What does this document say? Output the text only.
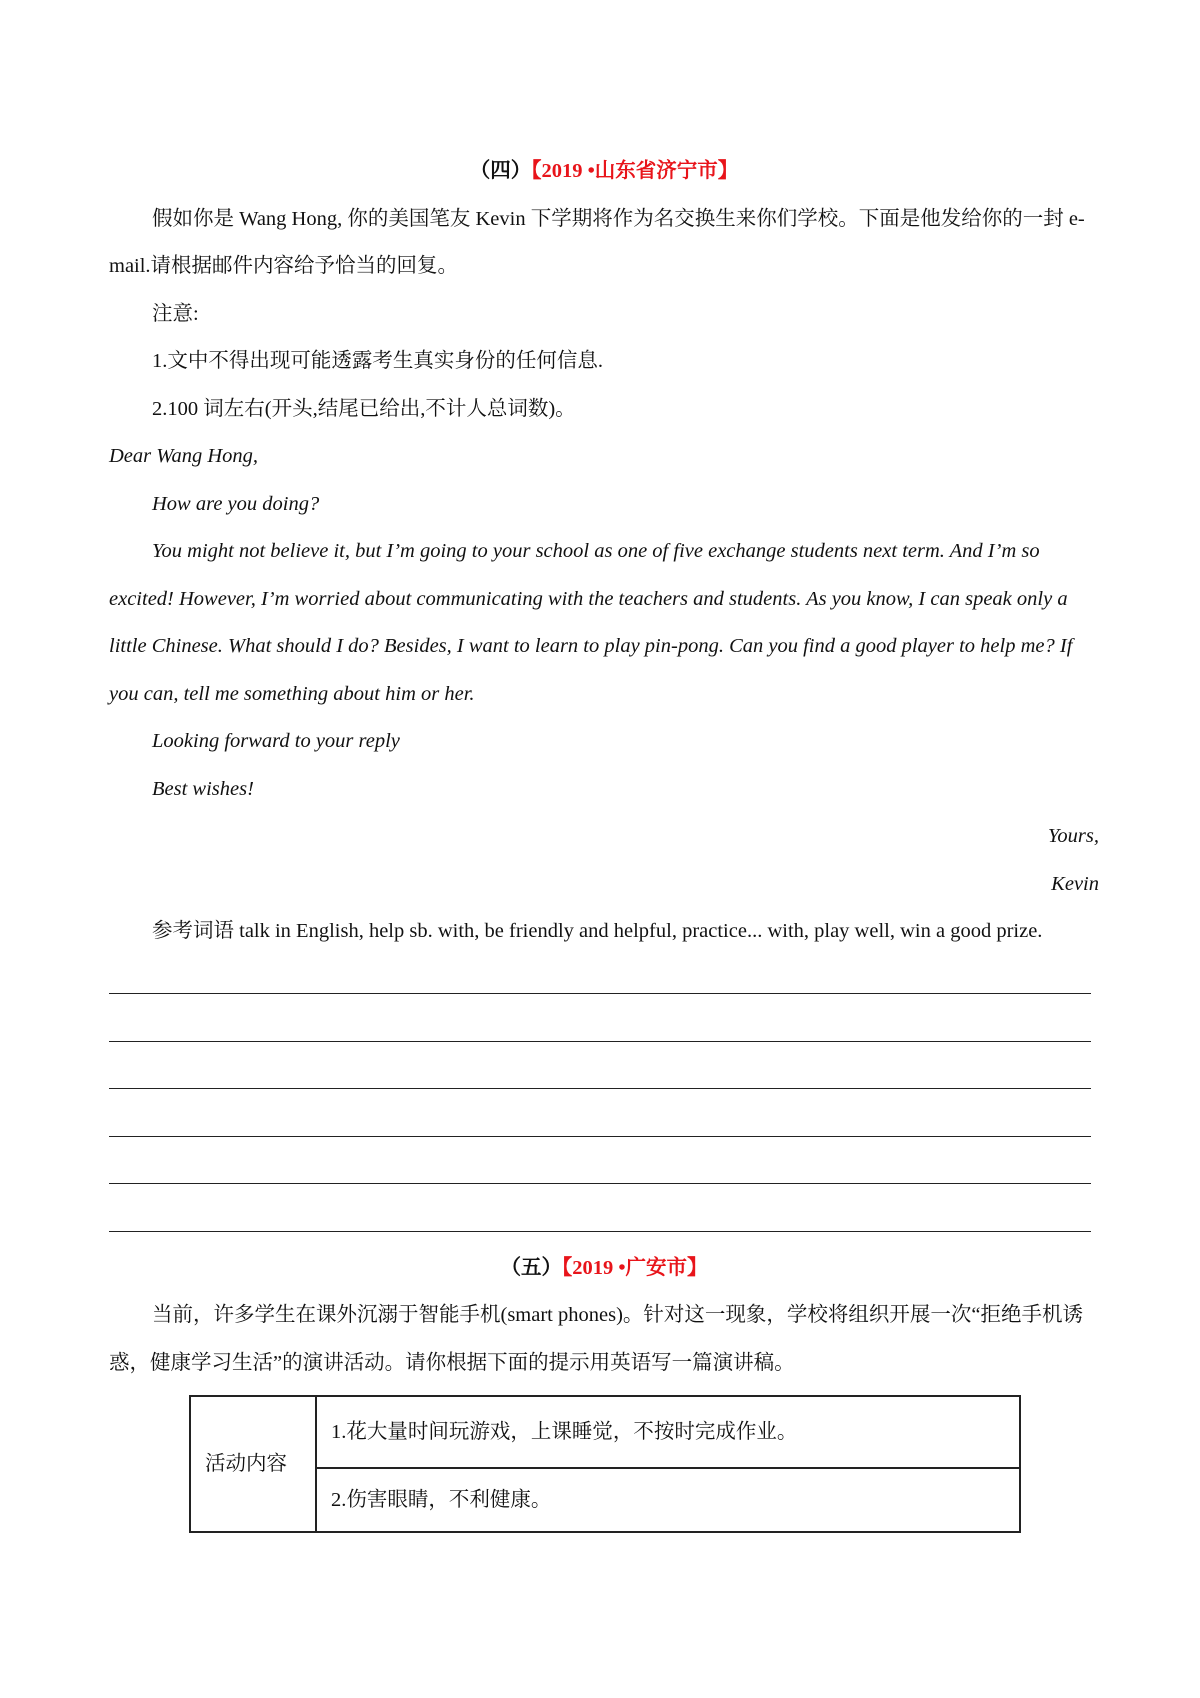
（四）【2019 •山东省济宁市】

假如你是 Wang Hong, 你的美国笔友 Kevin 下学期将作为名交换生来你们学校。下面是他发给你的一封 e-mail.请根据邮件内容给予恰当的回复。

注意:

1.文中不得出现可能透露考生真实身份的任何信息.

2.100 词左右(开头,结尾已给出,不计人总词数)。

Dear Wang Hong,

How are you doing?

You might not believe it, but I’m going to your school as one of five exchange students next term. And I’m so excited! However, I’m worried about communicating with the teachers and students. As you know, I can speak only a little Chinese. What should I do? Besides, I want to learn to play pin-pong. Can you find a good player to help me? If you can, tell me something about him or her.

Looking forward to your reply

Best wishes!

Yours,

Kevin

参考词语 talk in English, help sb. with, be friendly and helpful, practice... with, play well, win a good prize.

（五）【2019 •广安市】

当前，许多学生在课外沉溺于智能手机(smart phones)。针对这一现象，学校将组织开展一次“拒绝手机诱惑，健康学习生活”的演讲活动。请你根据下面的提示用英语写一篇演讲稿。

活动内容	1.花大量时间玩游戏，上课睡觉，不按时完成作业。
2.伤害眼睛，不利健康。
